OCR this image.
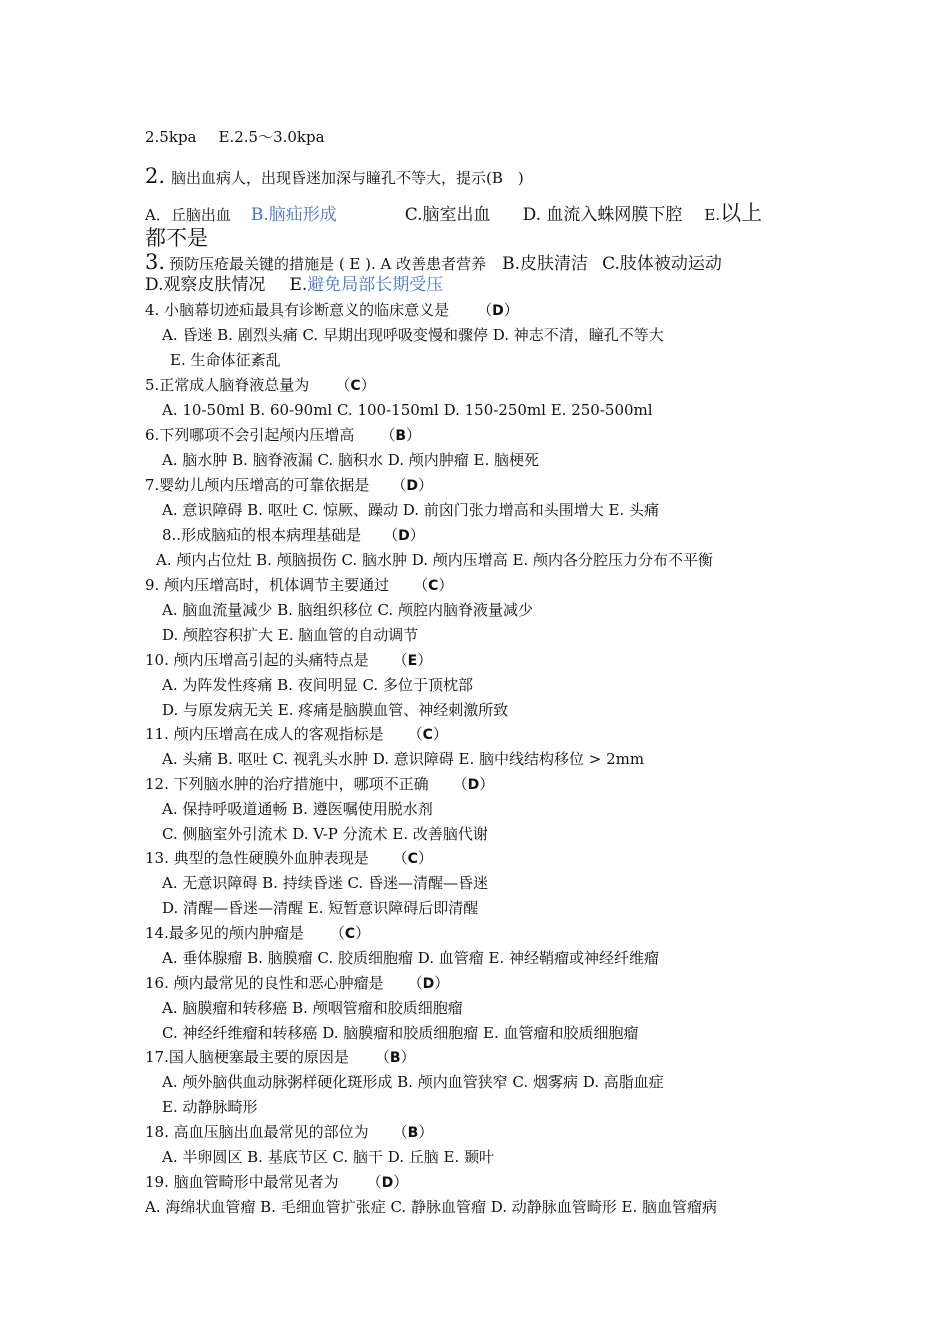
2.5kpa E.2.5～3.0kpa
2. 脑出血病人，出现昏迷加深与瞳孔不等大，提示(B　)
A．丘脑出血 B.脑疝形成	C.脑室出血 D. 血流入蛛网膜下腔 E.以上
都不是
3. 预防压疮最关键的措施是 ( E ). A 改善患者营养 B.皮肤清洁 C.肢体被动运动
D.观察皮肤情况 E.避免局部长期受压
4. 小脑幕切迹疝最具有诊断意义的临床意义是 （D）
A. 昏迷 B. 剧烈头痛 C. 早期出现呼吸变慢和骤停 D. 神志不清，瞳孔不等大
E. 生命体征紊乱
5.正常成人脑脊液总量为 （C）
A. 10-50ml B. 60-90ml C. 100-150ml D. 150-250ml E. 250-500ml
6.下列哪项不会引起颅内压增高 （B）
A. 脑水肿 B. 脑脊液漏 C. 脑积水 D. 颅内肿瘤 E. 脑梗死
7.婴幼儿颅内压增高的可靠依据是 （D）
A. 意识障碍 B. 呕吐 C. 惊厥、躁动 D. 前囟门张力增高和头围增大 E. 头痛
8..形成脑疝的根本病理基础是 （D）
A. 颅内占位灶 B. 颅脑损伤 C. 脑水肿 D. 颅内压增高 E. 颅内各分腔压力分布不平衡
9. 颅内压增高时，机体调节主要通过 （C）
A. 脑血流量减少 B. 脑组织移位 C. 颅腔内脑脊液量减少
D. 颅腔容积扩大 E. 脑血管的自动调节
10. 颅内压增高引起的头痛特点是 （E）
A. 为阵发性疼痛 B. 夜间明显 C. 多位于顶枕部
D. 与原发病无关 E. 疼痛是脑膜血管、神经刺激所致
11. 颅内压增高在成人的客观指标是 （C）
A. 头痛 B. 呕吐 C. 视乳头水肿 D. 意识障碍 E. 脑中线结构移位 > 2mm
12. 下列脑水肿的治疗措施中，哪项不正确 （D）
A. 保持呼吸道通畅 B. 遵医嘱使用脱水剂
C. 侧脑室外引流术 D. V-P 分流术 E. 改善脑代谢
13. 典型的急性硬膜外血肿表现是 （C）
A. 无意识障碍 B. 持续昏迷 C. 昏迷—清醒—昏迷
D. 清醒—昏迷—清醒 E. 短暂意识障碍后即清醒
14.最多见的颅内肿瘤是 （C）
A. 垂体腺瘤 B. 脑膜瘤 C. 胶质细胞瘤 D. 血管瘤 E. 神经鞘瘤或神经纤维瘤
16. 颅内最常见的良性和恶心肿瘤是 （D）
A. 脑膜瘤和转移癌 B. 颅咽管瘤和胶质细胞瘤
C. 神经纤维瘤和转移癌 D. 脑膜瘤和胶质细胞瘤 E. 血管瘤和胶质细胞瘤
17.国人脑梗塞最主要的原因是 （B）
A. 颅外脑供血动脉粥样硬化斑形成 B. 颅内血管狭窄 C. 烟雾病 D. 高脂血症
E. 动静脉畸形
18. 高血压脑出血最常见的部位为 （B）
A. 半卵圆区 B. 基底节区 C. 脑干 D. 丘脑 E. 颞叶
19. 脑血管畸形中最常见者为 （D）
A. 海绵状血管瘤 B. 毛细血管扩张症 C. 静脉血管瘤 D. 动静脉血管畸形 E. 脑血管瘤病
